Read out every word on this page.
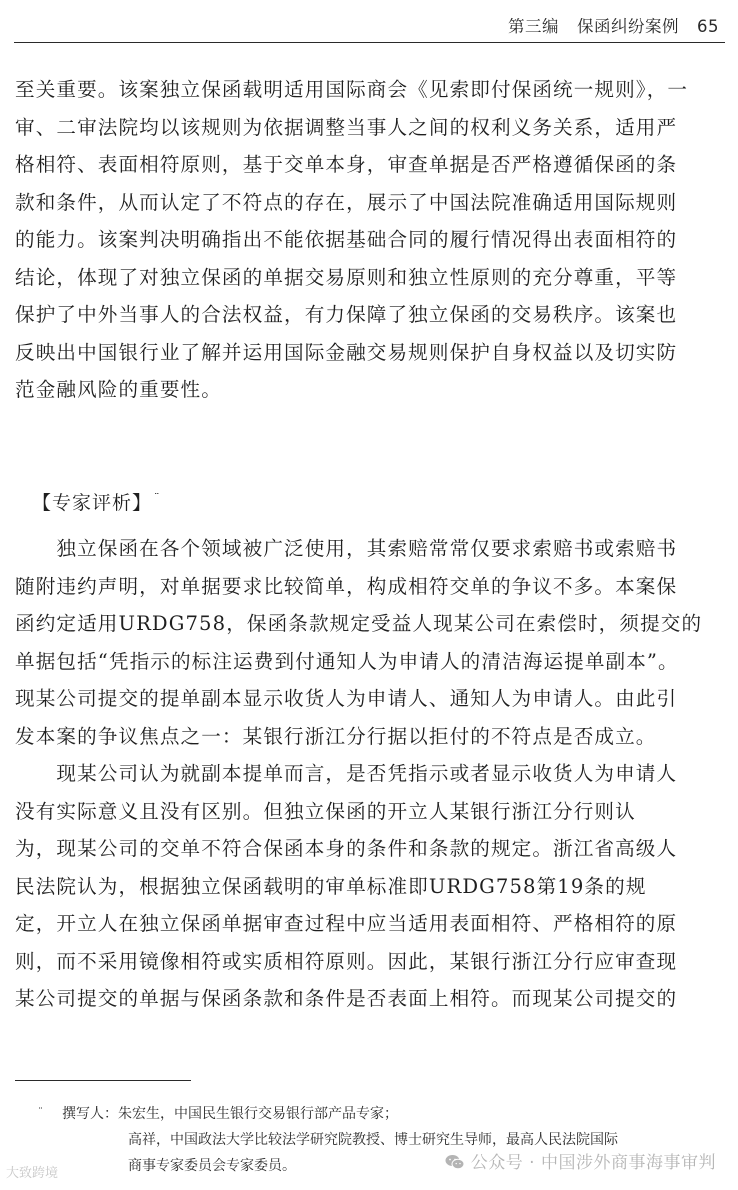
第三编 保函纠纷案例 65
至关重要。该案独立保函载明适用国际商会《见索即付保函统一规则》，一
审、二审法院均以该规则为依据调整当事人之间的权利义务关系，适用严
格相符、表面相符原则，基于交单本身，审查单据是否严格遵循保函的条
款和条件，从而认定了不符点的存在，展示了中国法院准确适用国际规则
的能力。该案判决明确指出不能依据基础合同的履行情况得出表面相符的
结论，体现了对独立保函的单据交易原则和独立性原则的充分尊重，平等
保护了中外当事人的合法权益，有力保障了独立保函的交易秩序。该案也
反映出中国银行业了解并运用国际金融交易规则保护自身权益以及切实防
范金融风险的重要性。
【专家评析】 ¨
　　独立保函在各个领域被广泛使用，其索赔常常仅要求索赔书或索赔书
随附违约声明，对单据要求比较简单，构成相符交单的争议不多。本案保
函约定适用URDG758，保函条款规定受益人现某公司在索偿时，须提交的
单据包括“凭指示的标注运费到付通知人为申请人的清洁海运提单副本”。
现某公司提交的提单副本显示收货人为申请人、通知人为申请人。由此引
发本案的争议焦点之一：某银行浙江分行据以拒付的不符点是否成立。
　　现某公司认为就副本提单而言，是否凭指示或者显示收货人为申请人
没有实际意义且没有区别。但独立保函的开立人某银行浙江分行则认
为，现某公司的交单不符合保函本身的条件和条款的规定。浙江省高级人
民法院认为，根据独立保函载明的审单标准即URDG758第19条的规
定，开立人在独立保函单据审查过程中应当适用表面相符、严格相符的原
则，而不采用镜像相符或实质相符原则。因此，某银行浙江分行应审查现
某公司提交的单据与保函条款和条件是否表面上相符。而现某公司提交的
¨ 撰写人：朱宏生，中国民生银行交易银行部产品专家；
高祥，中国政法大学比较法学研究院教授、博士研究生导师，最高人民法院国际
商事专家委员会专家委员。
大致跨境
公众号 · 中国涉外商事海事审判
